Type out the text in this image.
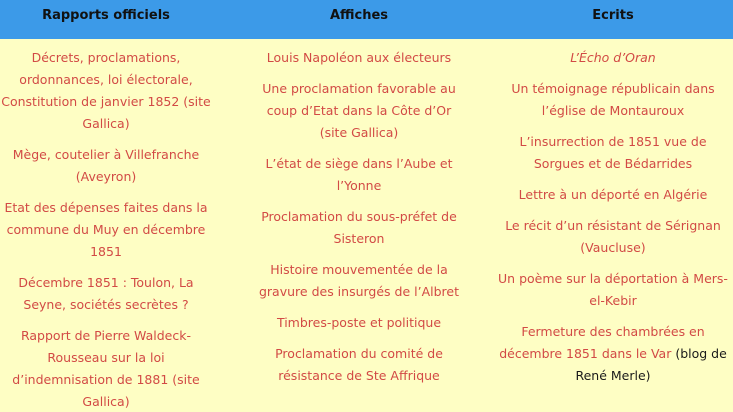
Rapports officiels	Affiches	Ecrits
Décrets, proclamations, ordonnances, loi électorale, Constitution de janvier 1852 (site Gallica)
Mège, coutelier à Villefranche (Aveyron)
Etat des dépenses faites dans la commune du Muy en décembre 1851
Décembre 1851 : Toulon, La Seyne, sociétés secrètes ?
Rapport de Pierre Waldeck-Rousseau sur la loi d’indemnisation de 1881 (site Gallica)
Louis Napoléon aux électeurs
Une proclamation favorable au coup d’Etat dans la Côte d’Or (site Gallica)
L’état de siège dans l’Aube et l’Yonne
Proclamation du sous-préfet de Sisteron
Histoire mouvementée de la gravure des insurgés de l’Albret
Timbres-poste et politique
Proclamation du comité de résistance de Ste Affrique
L’Écho d’Oran
Un témoignage républicain dans l’église de Montauroux
L’insurrection de 1851 vue de Sorgues et de Bédarrides
Lettre à un déporté en Algérie
Le récit d’un résistant de Sérignan (Vaucluse)
Un poème sur la déportation à Mers-el-Kebir
Fermeture des chambrées en décembre 1851 dans le Var (blog de René Merle)
